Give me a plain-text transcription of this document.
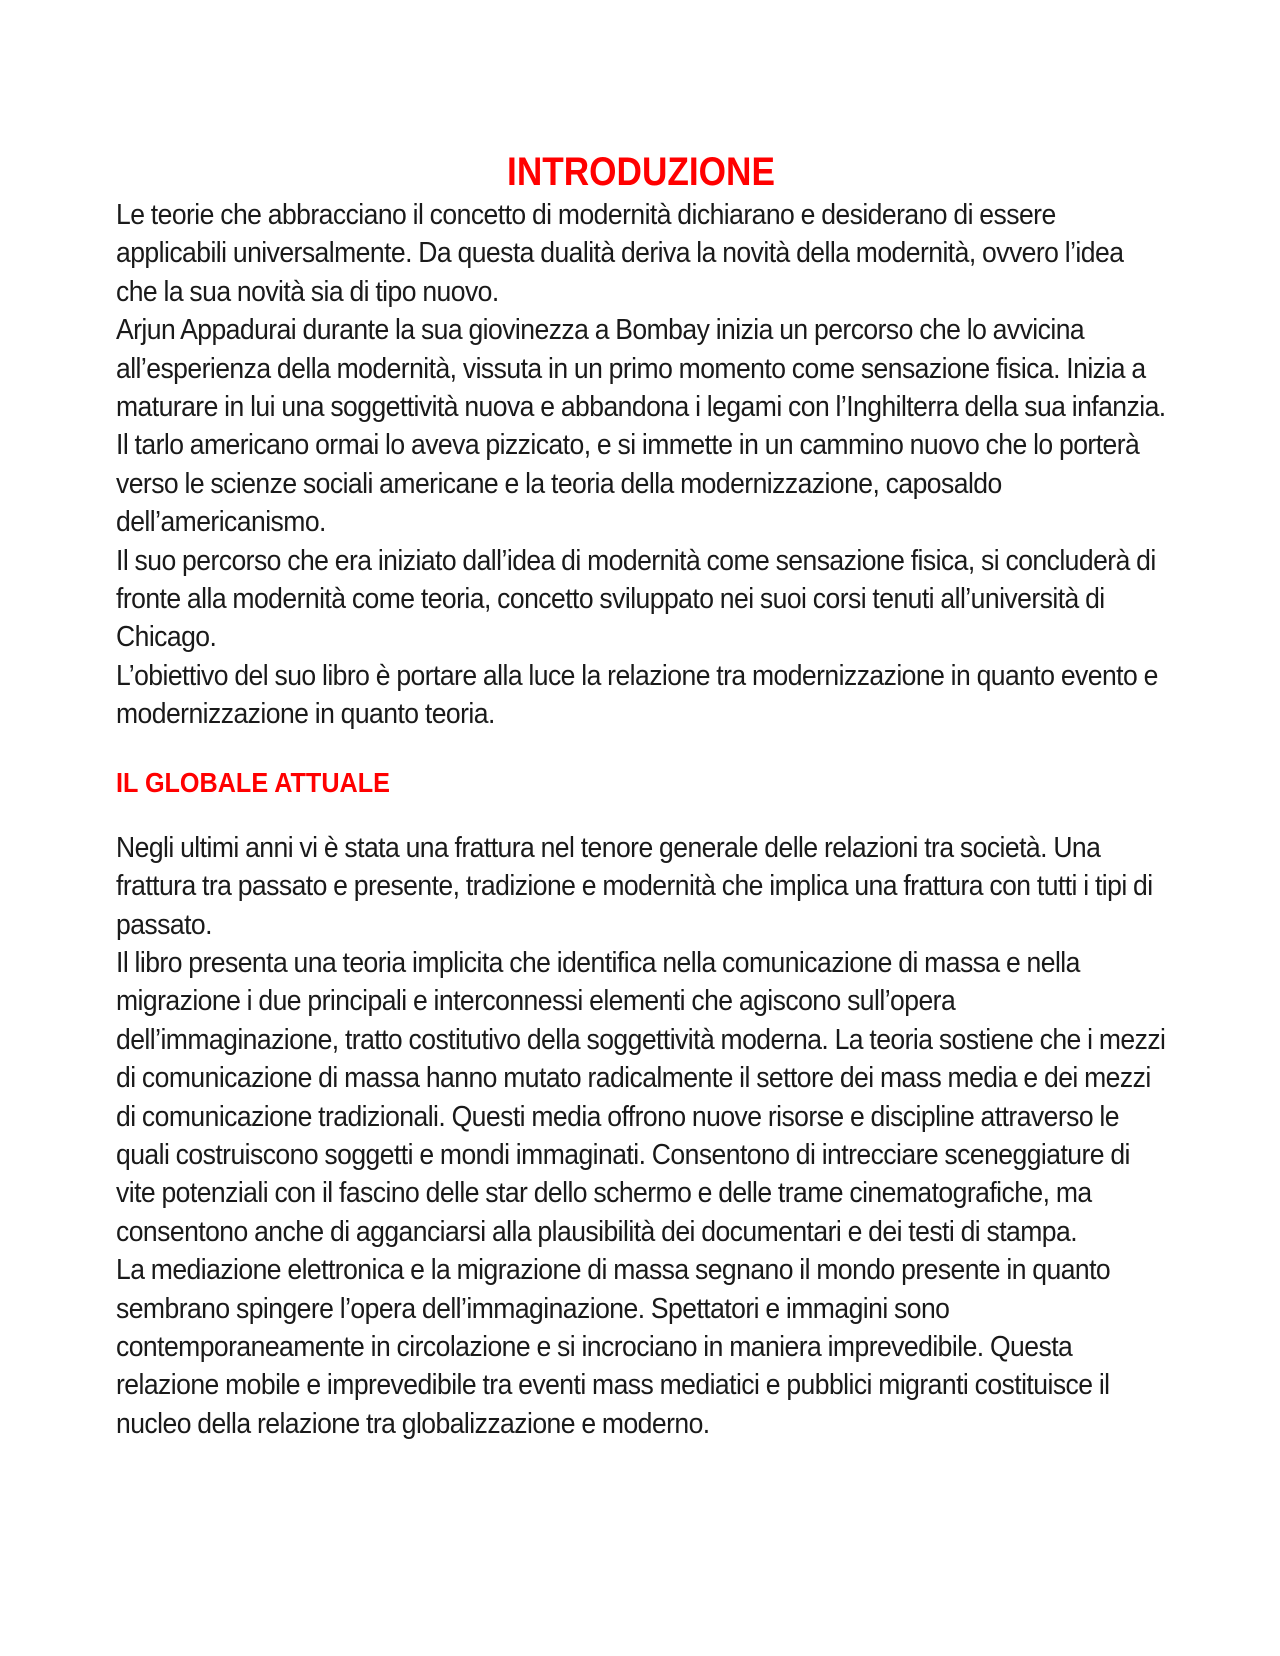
INTRODUZIONE

Le teorie che abbracciano il concetto di modernità dichiarano e desiderano di essere applicabili universalmente. Da questa dualità deriva la novità della modernità, ovvero l’idea che la sua novità sia di tipo nuovo.

Arjun Appadurai durante la sua giovinezza a Bombay inizia un percorso che lo avvicina all’esperienza della modernità, vissuta in un primo momento come sensazione fisica. Inizia a maturare in lui una soggettività nuova e abbandona i legami con l’Inghilterra della sua infanzia. Il tarlo americano ormai lo aveva pizzicato, e si immette in un cammino nuovo che lo porterà verso le scienze sociali americane e la teoria della modernizzazione, caposaldo dell’americanismo.

Il suo percorso che era iniziato dall’idea di modernità come sensazione fisica, si concluderà di fronte alla modernità come teoria, concetto sviluppato nei suoi corsi tenuti all’università di Chicago.

L’obiettivo del suo libro è portare alla luce la relazione tra modernizzazione in quanto evento e modernizzazione in quanto teoria.

IL GLOBALE ATTUALE

Negli ultimi anni vi è stata una frattura nel tenore generale delle relazioni tra società. Una frattura tra passato e presente, tradizione e modernità che implica una frattura con tutti i tipi di passato.

Il libro presenta una teoria implicita che identifica nella comunicazione di massa e nella migrazione i due principali e interconnessi elementi che agiscono sull’opera dell’immaginazione, tratto costitutivo della soggettività moderna. La teoria sostiene che i mezzi di comunicazione di massa hanno mutato radicalmente il settore dei mass media e dei mezzi di comunicazione tradizionali. Questi media offrono nuove risorse e discipline attraverso le quali costruiscono soggetti e mondi immaginati. Consentono di intrecciare sceneggiature di vite potenziali con il fascino delle star dello schermo e delle trame cinematografiche, ma consentono anche di agganciarsi alla plausibilità dei documentari e dei testi di stampa.

La mediazione elettronica e la migrazione di massa segnano il mondo presente in quanto sembrano spingere l’opera dell’immaginazione. Spettatori e immagini sono contemporaneamente in circolazione e si incrociano in maniera imprevedibile. Questa relazione mobile e imprevedibile tra eventi mass mediatici e pubblici migranti costituisce il nucleo della relazione tra globalizzazione e moderno.
